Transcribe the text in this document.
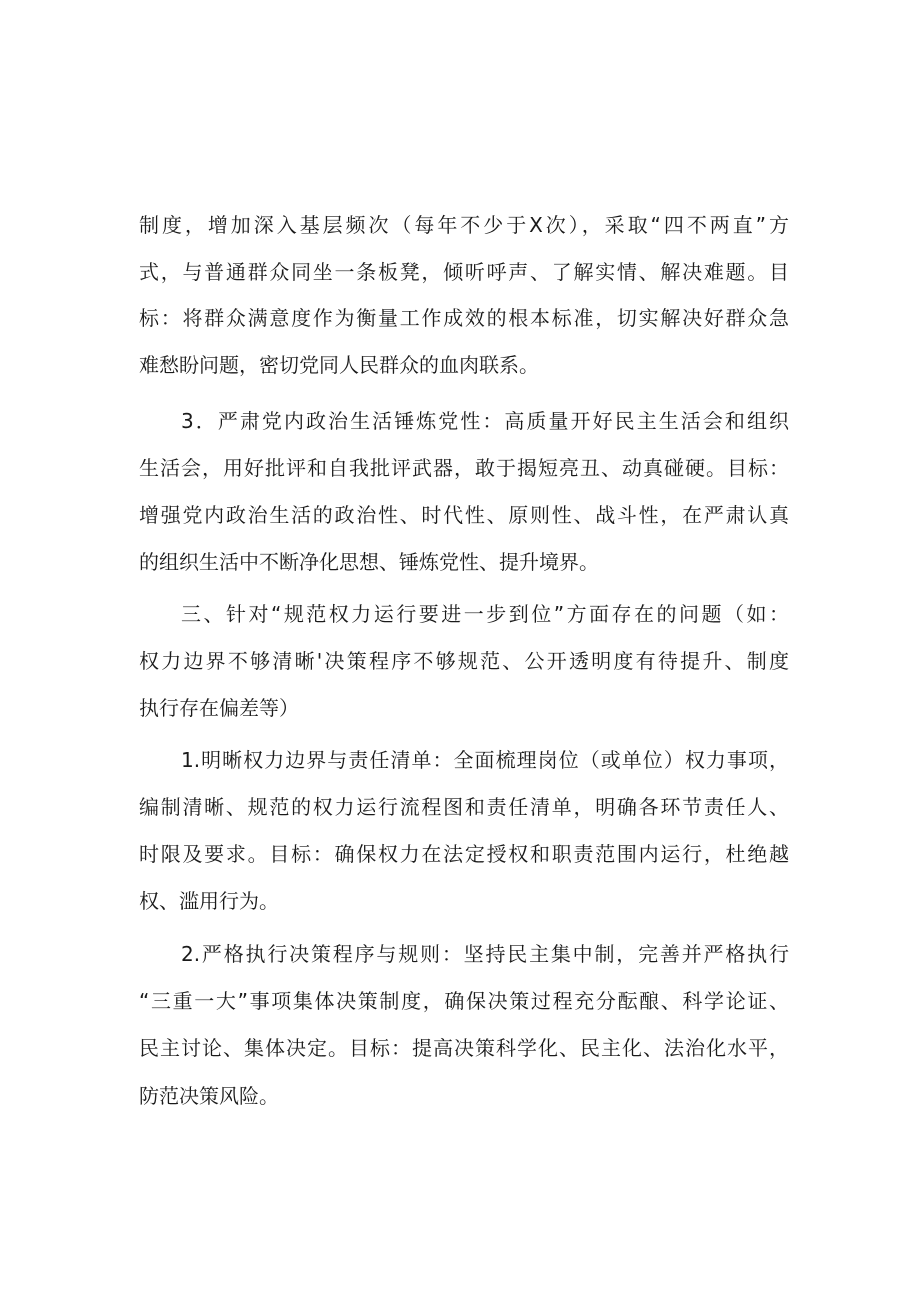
制度，增加深入基层频次（每年不少于X次），采取“四不两直”方
式，与普通群众同坐一条板凳，倾听呼声、了解实情、解决难题。目
标：将群众满意度作为衡量工作成效的根本标准，切实解决好群众急
难愁盼问题，密切党同人民群众的血肉联系。
3．严肃党内政治生活锤炼党性：高质量开好民主生活会和组织
生活会，用好批评和自我批评武器，敢于揭短亮丑、动真碰硬。目标：
增强党内政治生活的政治性、时代性、原则性、战斗性，在严肃认真
的组织生活中不断净化思想、锤炼党性、提升境界。
三、针对“规范权力运行要进一步到位”方面存在的问题（如：
权力边界不够清晰'决策程序不够规范、公开透明度有待提升、制度
执行存在偏差等）
1.明晰权力边界与责任清单：全面梳理岗位（或单位）权力事项，
编制清晰、规范的权力运行流程图和责任清单，明确各环节责任人、
时限及要求。目标：确保权力在法定授权和职责范围内运行，杜绝越
权、滥用行为。
2.严格执行决策程序与规则：坚持民主集中制，完善并严格执行
“三重一大”事项集体决策制度，确保决策过程充分酝酿、科学论证、
民主讨论、集体决定。目标：提高决策科学化、民主化、法治化水平，
防范决策风险。
